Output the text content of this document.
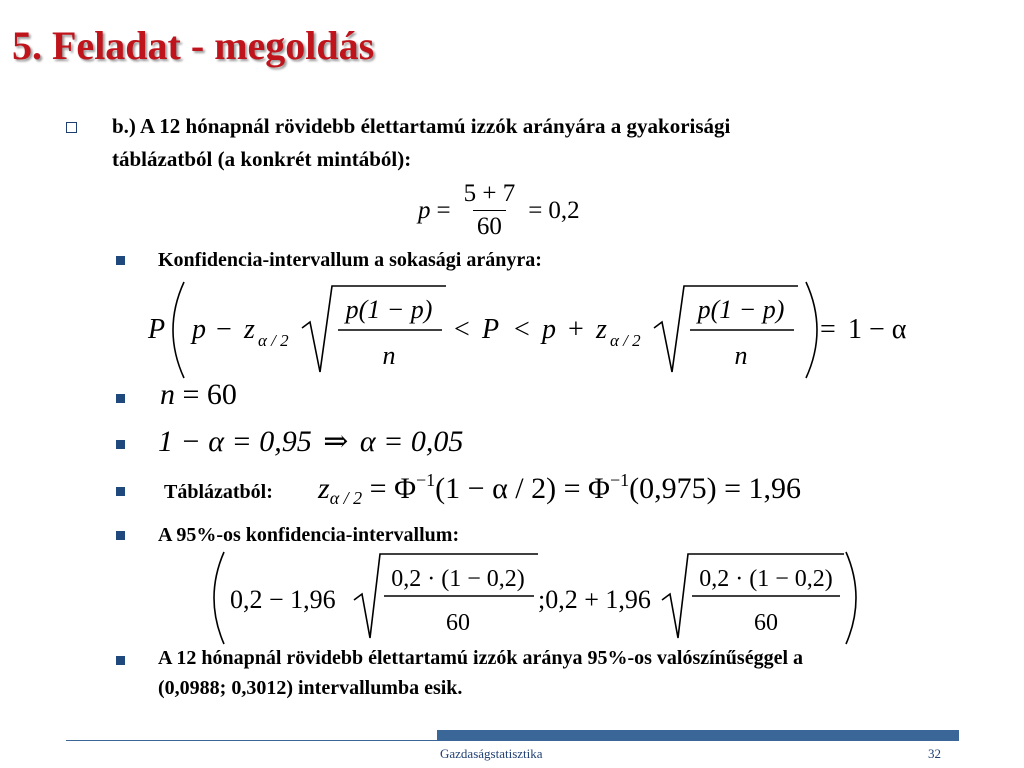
5. Feladat - megoldás
b.) A 12 hónapnál rövidebb élettartamú izzók arányára a gyakorisági
táblázatból (a konkrét mintából):
$p = \frac{5 + 7}{60} = 0,2$
Konfidencia-intervallum a sokasági arányra:
P p − z α / 2
p(1 − p)
n
< P < p + z α / 2
p(1 − p)
n
= 1 − α
n = 60
1 − α = 0,95 ⇒ α = 0,05
Táblázatból: $z_{\alpha / 2} = \Phi^{-1}(1 - \alpha / 2) = \Phi^{-1}(0,975) = 1,96$
A 95%-os konfidencia-intervallum:
0,2 − 1,96
0,2 · (1 − 0,2)
60
;0,2 + 1,96
0,2 · (1 − 0,2)
60
A 12 hónapnál rövidebb élettartamú izzók aránya 95%-os valószínűséggel a
(0,0988; 0,3012) intervallumba esik.
Gazdaságstatisztika	32
